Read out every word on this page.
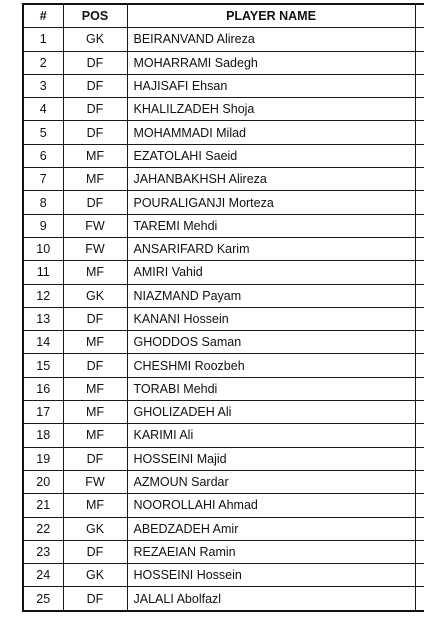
#	POS	PLAYER NAME	
1	GK	BEIRANVAND Alireza	
2	DF	MOHARRAMI Sadegh	
3	DF	HAJISAFI Ehsan	
4	DF	KHALILZADEH Shoja	
5	DF	MOHAMMADI Milad	
6	MF	EZATOLAHI Saeid	
7	MF	JAHANBAKHSH Alireza	
8	DF	POURALIGANJI Morteza	
9	FW	TAREMI Mehdi	
10	FW	ANSARIFARD Karim	
11	MF	AMIRI Vahid	
12	GK	NIAZMAND Payam	
13	DF	KANANI Hossein	
14	MF	GHODDOS Saman	
15	DF	CHESHMI Roozbeh	
16	MF	TORABI Mehdi	
17	MF	GHOLIZADEH Ali	
18	MF	KARIMI Ali	
19	DF	HOSSEINI Majid	
20	FW	AZMOUN Sardar	
21	MF	NOOROLLAHI Ahmad	
22	GK	ABEDZADEH Amir	
23	DF	REZAEIAN Ramin	
24	GK	HOSSEINI Hossein	
25	DF	JALALI Abolfazl	
